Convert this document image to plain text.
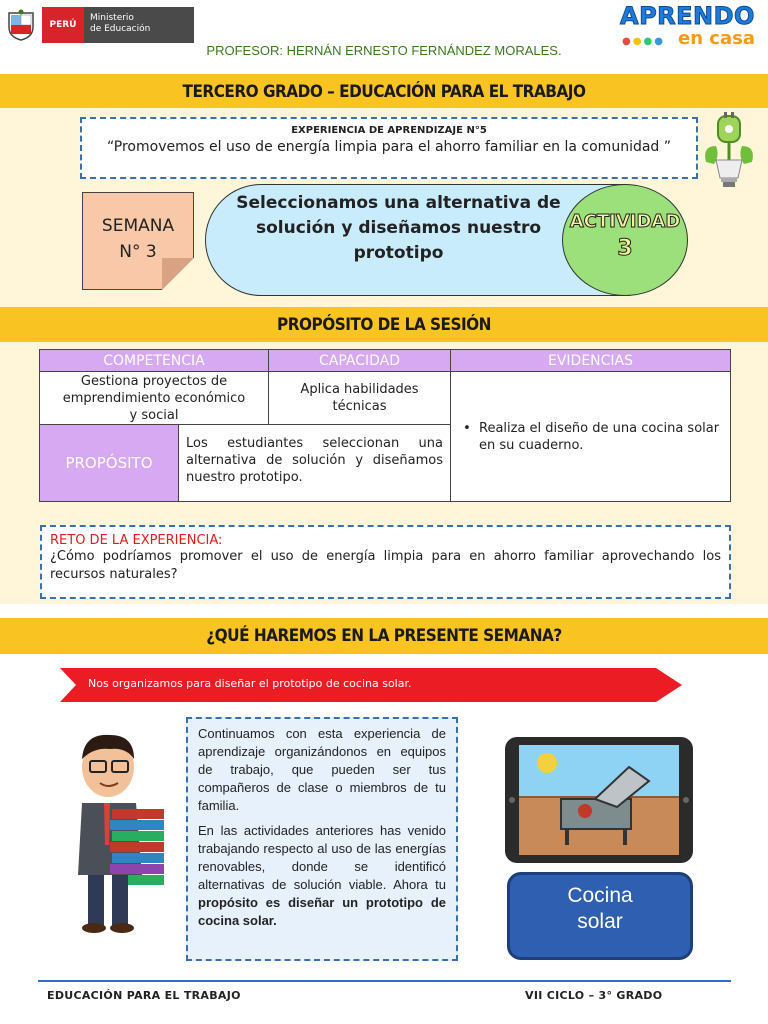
PERÚ
Ministerio
de Educación	APRENDO
●●●● en casa
PROFESOR: HERNÁN ERNESTO FERNÁNDEZ MORALES.
TERCERO GRADO – EDUCACIÓN PARA EL TRABAJO
EXPERIENCIA DE APRENDIZAJE N°5
“Promovemos el uso de energía limpia para el ahorro familiar en la comunidad ”
SEMANA
N° 3
Seleccionamos una alternativa de solución y diseñamos nuestro prototipo
ACTIVIDAD
3
PROPÓSITO DE LA SESIÓN
COMPETENCIA	CAPACIDAD	EVIDENCIAS
Gestiona proyectos de emprendimiento económico y social	Aplica habilidades técnicas	• Realiza el diseño de una cocina solar en su cuaderno.

PROPÓSITO
Los estudiantes seleccionan una alternativa de solución y diseñamos nuestro prototipo.		
RETO DE LA EXPERIENCIA:
¿Cómo podríamos promover el uso de energía limpia para en ahorro familiar aprovechando los recursos naturales?
¿QUÉ HAREMOS EN LA PRESENTE SEMANA?
Nos organizamos para diseñar el prototipo de cocina solar.

Continuamos con esta experiencia de aprendizaje organizándonos en equipos de trabajo, que pueden ser tus compañeros de clase o miembros de tu familia.

En las actividades anteriores has venido trabajando respecto al uso de las energías renovables, donde se identificó alternativas de solución viable. Ahora tu propósito es diseñar un prototipo de cocina solar.

Cocina
solar
EDUCACIÓN PARA EL TRABAJO	VII CICLO – 3° GRADO
